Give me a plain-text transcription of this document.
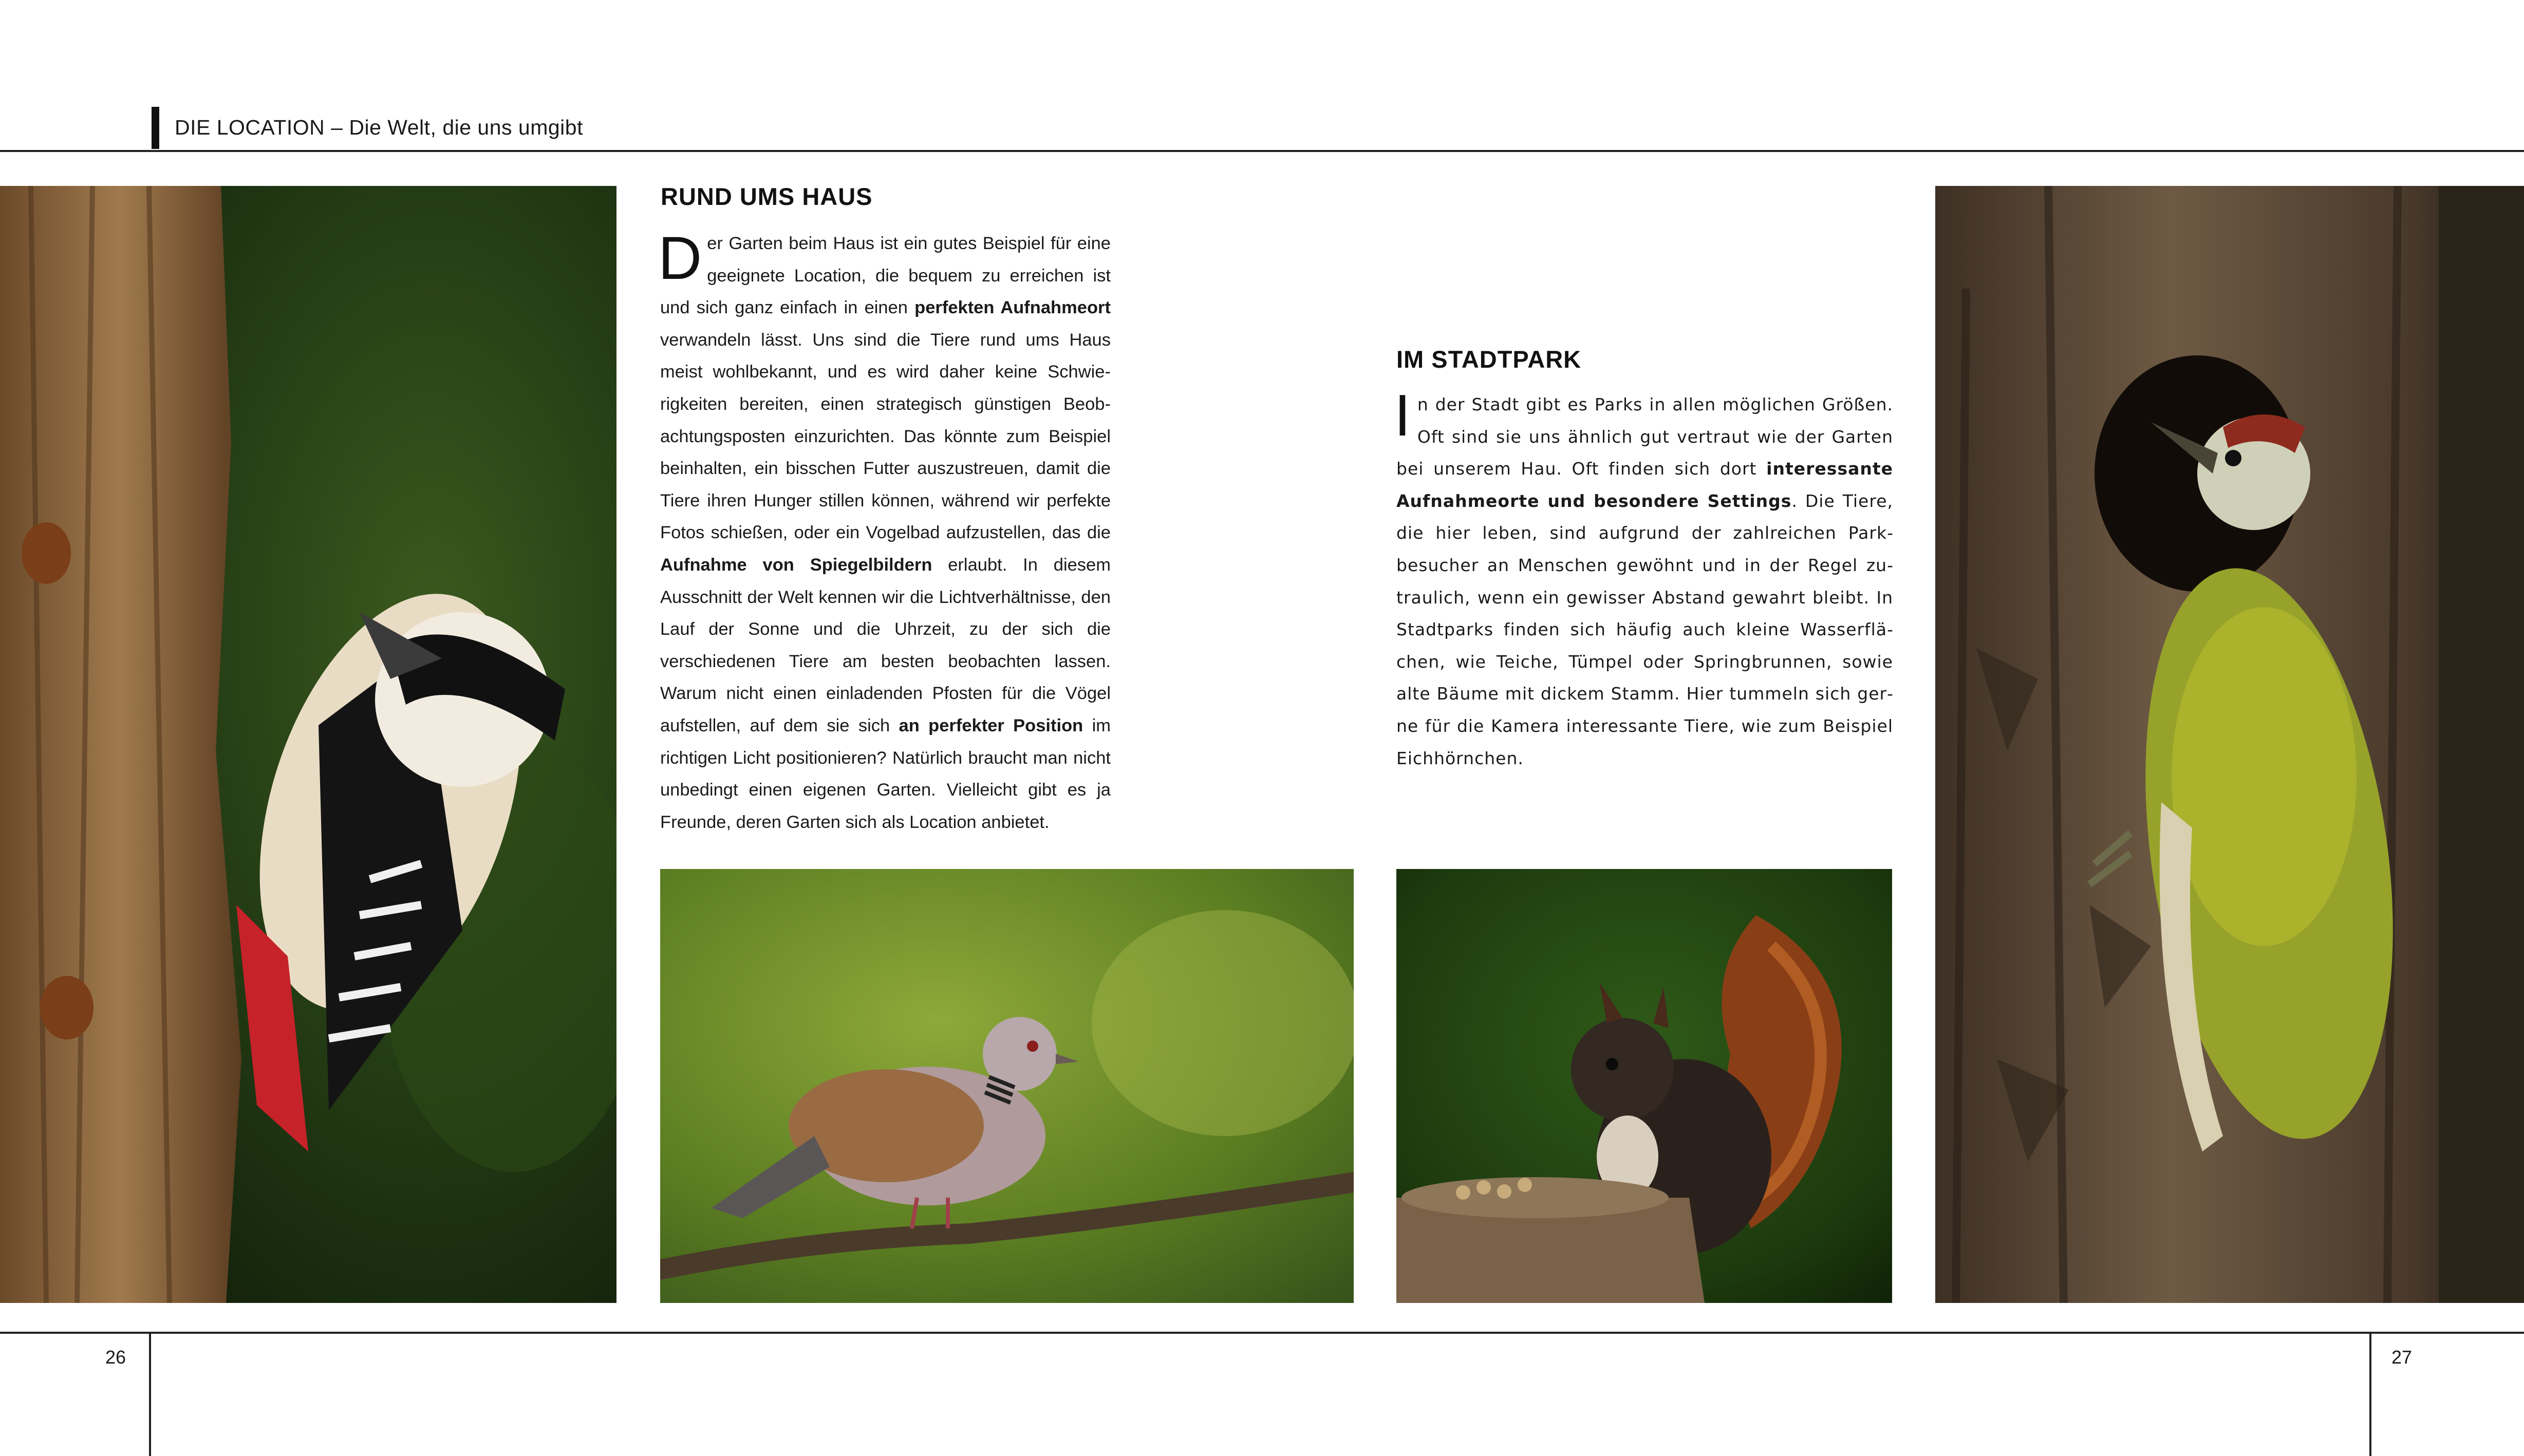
DIE LOCATION – Die Welt, die uns umgibt
RUND UMS HAUS
Der Garten beim Haus ist ein gutes Beispiel für eine geeignete Location, die bequem zu erreichen ist und sich ganz einfach in einen perfekten Aufnahmeort verwandeln lässt. Uns sind die Tiere rund ums Haus meist wohlbekannt, und es wird daher keine Schwierigkeiten bereiten, einen strategisch günstigen Beobachtungsposten einzurichten. Das könnte zum Beispiel beinhalten, ein bisschen Futter auszustreuen, damit die Tiere ihren Hunger stillen können, während wir perfekte Fotos schießen, oder ein Vogelbad aufzustellen, das die Aufnahme von Spiegelbildern erlaubt. In diesem Ausschnitt der Welt kennen wir die Lichtverhältnisse, den Lauf der Sonne und die Uhrzeit, zu der sich die verschiedenen Tiere am besten beobachten lassen. Warum nicht einen einladenden Pfosten für die Vögel aufstellen, auf dem sie sich an perfekter Position im richtigen Licht positionieren? Natürlich braucht man nicht unbedingt einen eigenen Garten. Vielleicht gibt es ja Freunde, deren Garten sich als Location anbietet.
IM STADTPARK
In der Stadt gibt es Parks in allen möglichen Größen. Oft sind sie uns ähnlich gut vertraut wie der Garten bei unserem Hau. Oft finden sich dort interessante Aufnahmeorte und besondere Settings. Die Tiere, die hier leben, sind aufgrund der zahlreichen Parkbesucher an Menschen gewöhnt und in der Regel zutraulich, wenn ein gewisser Abstand gewahrt bleibt. In Stadtparks finden sich häufig auch kleine Wasserflächen, wie Teiche, Tümpel oder Springbrunnen, sowie alte Bäume mit dickem Stamm. Hier tummeln sich gerne für die Kamera interessante Tiere, wie zum Beispiel Eichhörnchen.
26	27
